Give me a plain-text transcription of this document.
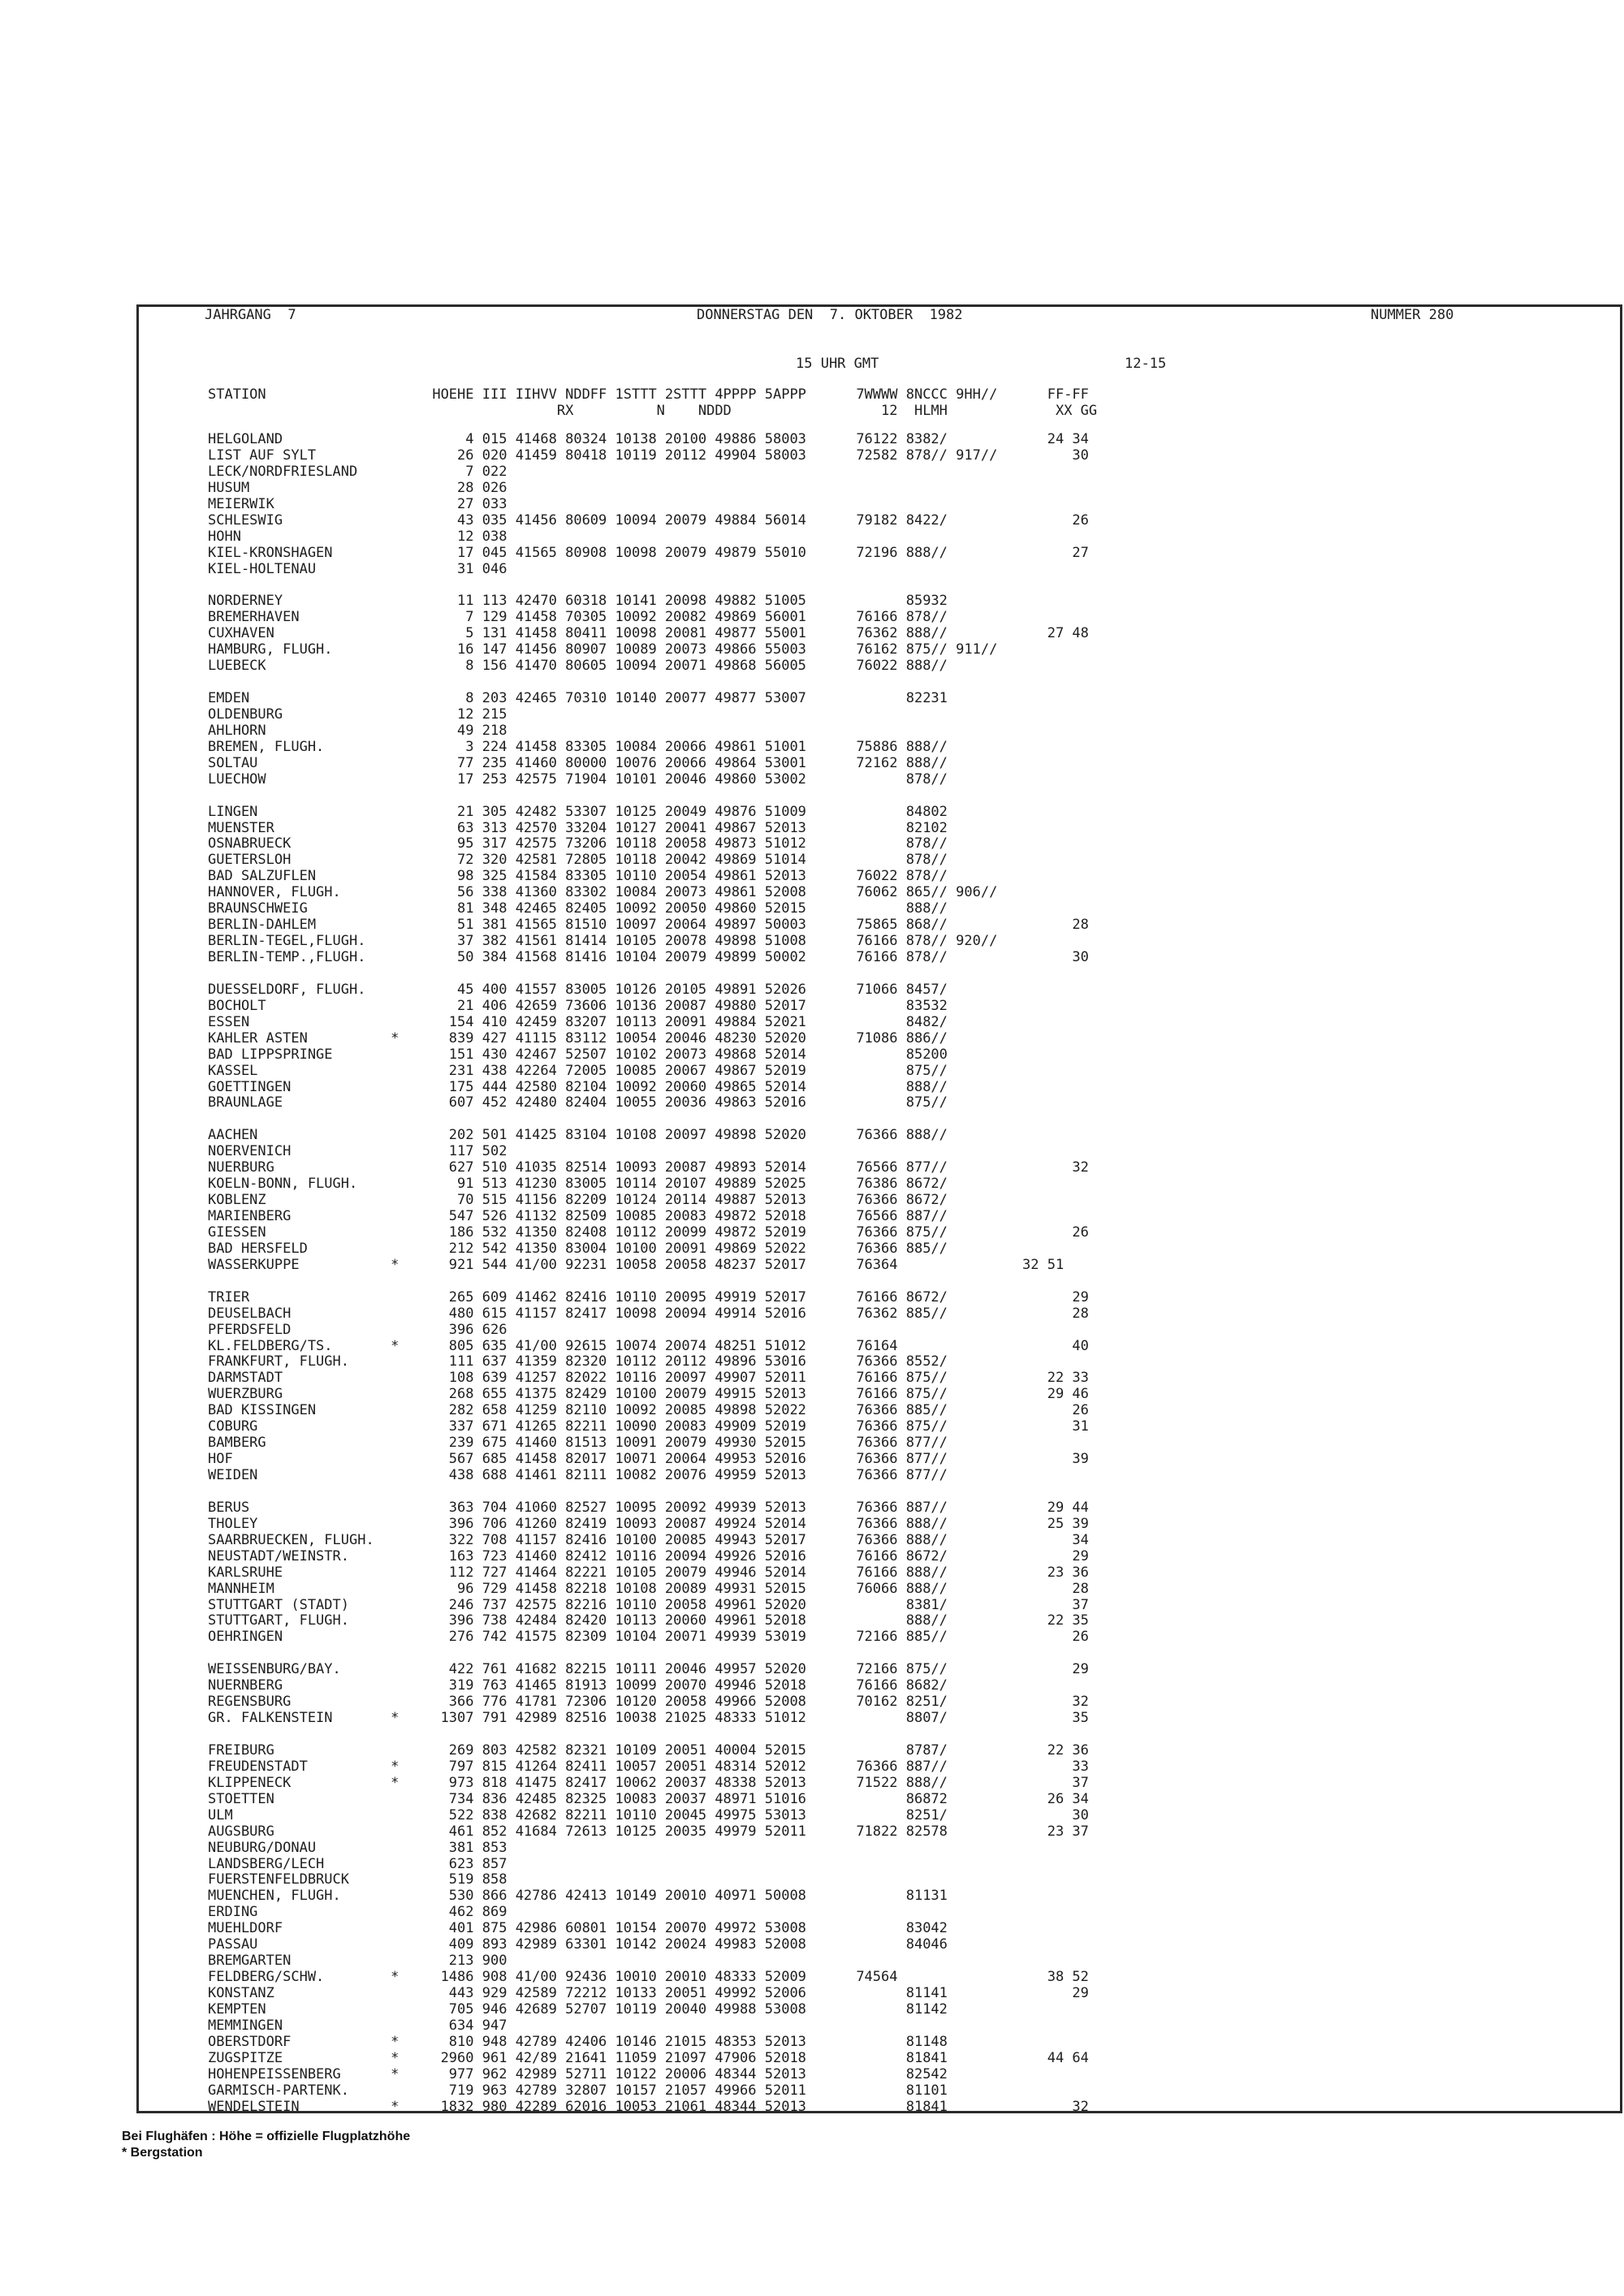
JAHRGANG  7	DONNERSTAG DEN  7. OKTOBER  1982	NUMMER 280
15 UHR GMT	12-15
STATION                    HOEHE III IIHVV NDDFF 1STTT 2STTT 4PPPP 5APPP      7WWWW 8NCCC 9HH//      FF-FF
RX          N    NDDD                  12  HLMH             XX GG
HELGOLAND                      4 015 41468 80324 10138 20100 49886 58003      76122 8382/            24 34
LIST AUF SYLT                 26 020 41459 80418 10119 20112 49904 58003      72582 878// 917//         30
LECK/NORDFRIESLAND             7 022
HUSUM                         28 026
MEIERWIK                      27 033
SCHLESWIG                     43 035 41456 80609 10094 20079 49884 56014      79182 8422/               26
HOHN                          12 038
KIEL-KRONSHAGEN               17 045 41565 80908 10098 20079 49879 55010      72196 888//               27
KIEL-HOLTENAU                 31 046
NORDERNEY                     11 113 42470 60318 10141 20098 49882 51005            85932
BREMERHAVEN                    7 129 41458 70305 10092 20082 49869 56001      76166 878//
CUXHAVEN                       5 131 41458 80411 10098 20081 49877 55001      76362 888//            27 48
HAMBURG, FLUGH.               16 147 41456 80907 10089 20073 49866 55003      76162 875// 911//
LUEBECK                        8 156 41470 80605 10094 20071 49868 56005      76022 888//
EMDEN                          8 203 42465 70310 10140 20077 49877 53007            82231
OLDENBURG                     12 215
AHLHORN                       49 218
BREMEN, FLUGH.                 3 224 41458 83305 10084 20066 49861 51001      75886 888//
SOLTAU                        77 235 41460 80000 10076 20066 49864 53001      72162 888//
LUECHOW                       17 253 42575 71904 10101 20046 49860 53002            878//
LINGEN                        21 305 42482 53307 10125 20049 49876 51009            84802
MUENSTER                      63 313 42570 33204 10127 20041 49867 52013            82102
OSNABRUECK                    95 317 42575 73206 10118 20058 49873 51012            878//
GUETERSLOH                    72 320 42581 72805 10118 20042 49869 51014            878//
BAD SALZUFLEN                 98 325 41584 83305 10110 20054 49861 52013      76022 878//
HANNOVER, FLUGH.              56 338 41360 83302 10084 20073 49861 52008      76062 865// 906//
BRAUNSCHWEIG                  81 348 42465 82405 10092 20050 49860 52015            888//
BERLIN-DAHLEM                 51 381 41565 81510 10097 20064 49897 50003      75865 868//               28
BERLIN-TEGEL,FLUGH.           37 382 41561 81414 10105 20078 49898 51008      76166 878// 920//
BERLIN-TEMP.,FLUGH.           50 384 41568 81416 10104 20079 49899 50002      76166 878//               30
DUESSELDORF, FLUGH.           45 400 41557 83005 10126 20105 49891 52026      71066 8457/
BOCHOLT                       21 406 42659 73606 10136 20087 49880 52017            83532
ESSEN                        154 410 42459 83207 10113 20091 49884 52021            8482/
KAHLER ASTEN          *      839 427 41115 83112 10054 20046 48230 52020      71086 886//
BAD LIPPSPRINGE              151 430 42467 52507 10102 20073 49868 52014            85200
KASSEL                       231 438 42264 72005 10085 20067 49867 52019            875//
GOETTINGEN                   175 444 42580 82104 10092 20060 49865 52014            888//
BRAUNLAGE                    607 452 42480 82404 10055 20036 49863 52016            875//
AACHEN                       202 501 41425 83104 10108 20097 49898 52020      76366 888//
NOERVENICH                   117 502
NUERBURG                     627 510 41035 82514 10093 20087 49893 52014      76566 877//               32
KOELN-BONN, FLUGH.            91 513 41230 83005 10114 20107 49889 52025      76386 8672/
KOBLENZ                       70 515 41156 82209 10124 20114 49887 52013      76366 8672/
MARIENBERG                   547 526 41132 82509 10085 20083 49872 52018      76566 887//
GIESSEN                      186 532 41350 82408 10112 20099 49872 52019      76366 875//               26
BAD HERSFELD                 212 542 41350 83004 10100 20091 49869 52022      76366 885//
WASSERKUPPE           *      921 544 41/00 92231 10058 20058 48237 52017      76364               32 51
TRIER                        265 609 41462 82416 10110 20095 49919 52017      76166 8672/               29
DEUSELBACH                   480 615 41157 82417 10098 20094 49914 52016      76362 885//               28
PFERDSFELD                   396 626
KL.FELDBERG/TS.       *      805 635 41/00 92615 10074 20074 48251 51012      76164                     40
FRANKFURT, FLUGH.            111 637 41359 82320 10112 20112 49896 53016      76366 8552/
DARMSTADT                    108 639 41257 82022 10116 20097 49907 52011      76166 875//            22 33
WUERZBURG                    268 655 41375 82429 10100 20079 49915 52013      76166 875//            29 46
BAD KISSINGEN                282 658 41259 82110 10092 20085 49898 52022      76366 885//               26
COBURG                       337 671 41265 82211 10090 20083 49909 52019      76366 875//               31
BAMBERG                      239 675 41460 81513 10091 20079 49930 52015      76366 877//
HOF                          567 685 41458 82017 10071 20064 49953 52016      76366 877//               39
WEIDEN                       438 688 41461 82111 10082 20076 49959 52013      76366 877//
BERUS                        363 704 41060 82527 10095 20092 49939 52013      76366 887//            29 44
THOLEY                       396 706 41260 82419 10093 20087 49924 52014      76366 888//            25 39
SAARBRUECKEN, FLUGH.         322 708 41157 82416 10100 20085 49943 52017      76366 888//               34
NEUSTADT/WEINSTR.            163 723 41460 82412 10116 20094 49926 52016      76166 8672/               29
KARLSRUHE                    112 727 41464 82221 10105 20079 49946 52014      76166 888//            23 36
MANNHEIM                      96 729 41458 82218 10108 20089 49931 52015      76066 888//               28
STUTTGART (STADT)            246 737 42575 82216 10110 20058 49961 52020            8381/               37
STUTTGART, FLUGH.            396 738 42484 82420 10113 20060 49961 52018            888//            22 35
OEHRINGEN                    276 742 41575 82309 10104 20071 49939 53019      72166 885//               26
WEISSENBURG/BAY.             422 761 41682 82215 10111 20046 49957 52020      72166 875//               29
NUERNBERG                    319 763 41465 81913 10099 20070 49946 52018      76166 8682/
REGENSBURG                   366 776 41781 72306 10120 20058 49966 52008      70162 8251/               32
GR. FALKENSTEIN       *     1307 791 42989 82516 10038 21025 48333 51012            8807/               35
FREIBURG                     269 803 42582 82321 10109 20051 40004 52015            8787/            22 36
FREUDENSTADT          *      797 815 41264 82411 10057 20051 48314 52012      76366 887//               33
KLIPPENECK            *      973 818 41475 82417 10062 20037 48338 52013      71522 888//               37
STOETTEN                     734 836 42485 82325 10083 20037 48971 51016            86872            26 34
ULM                          522 838 42682 82211 10110 20045 49975 53013            8251/               30
AUGSBURG                     461 852 41684 72613 10125 20035 49979 52011      71822 82578            23 37
NEUBURG/DONAU                381 853
LANDSBERG/LECH               623 857
FUERSTENFELDBRUCK            519 858
MUENCHEN, FLUGH.             530 866 42786 42413 10149 20010 40971 50008            81131
ERDING                       462 869
MUEHLDORF                    401 875 42986 60801 10154 20070 49972 53008            83042
PASSAU                       409 893 42989 63301 10142 20024 49983 52008            84046
BREMGARTEN                   213 900
FELDBERG/SCHW.        *     1486 908 41/00 92436 10010 20010 48333 52009      74564                  38 52
KONSTANZ                     443 929 42589 72212 10133 20051 49992 52006            81141               29
KEMPTEN                      705 946 42689 52707 10119 20040 49988 53008            81142
MEMMINGEN                    634 947
OBERSTDORF            *      810 948 42789 42406 10146 21015 48353 52013            81148
ZUGSPITZE             *     2960 961 42/89 21641 11059 21097 47906 52018            81841            44 64
HOHENPEISSENBERG      *      977 962 42989 52711 10122 20006 48344 52013            82542
GARMISCH-PARTENK.            719 963 42789 32807 10157 21057 49966 52011            81101
WENDELSTEIN           *     1832 980 42289 62016 10053 21061 48344 52013            81841               32
Bei Flughäfen : Höhe = offizielle Flugplatzhöhe
* Bergstation
